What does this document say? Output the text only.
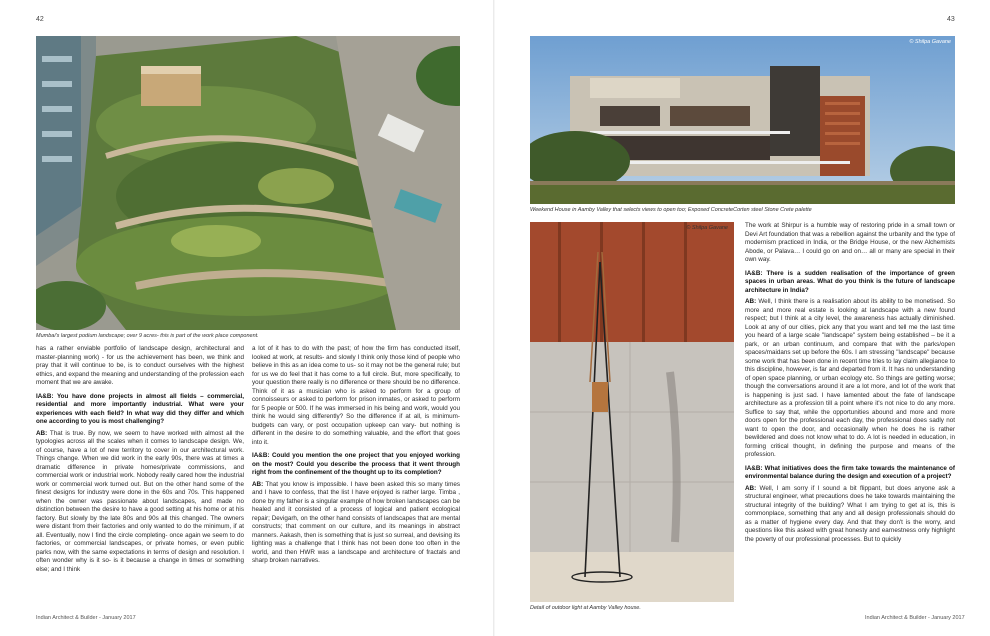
42
Mumbai's largest podium landscape; over 9 acres- this is part of the work place component.

has a rather enviable portfolio of landscape design, architectural and master-planning work) - for us the achievement has been, we think and pray that it will continue to be, is to conduct ourselves with the highest ethics, and expand the meaning and understanding of the profession each moment that we are awake.

IA&B: You have done projects in almost all fields – commercial, residential and more importantly industrial. What were your experiences with each field? In what way did they differ and which one according to you is most challenging?

AB: That is true. By now, we seem to have worked with almost all the typologies across all the scales when it comes to landscape design. We, of course, have a lot of new territory to cover in our architectural work. Things change. When we did work in the early 90s, there was at times a dramatic difference in private homes/private commissions, and commercial work or industrial work. Nobody really cared how the industrial work or commercial work turned out. But on the other hand some of the finest designs for industry were done in the 60s and 70s. This happened when the owner was passionate about landscapes, and made no distinction between the desire to have a good setting at his home or at his factory. But slowly by the late 80s and 90s all this changed. The owners were distant from their factories and only wanted to do the minimum, if at all. Eventually, now I find the circle completing- once again we seem to do factories, or commercial landscapes, or private homes, or even public parks now, with the same expectations in terms of design and resolution. I often wonder why is it so- is it because a change in times or something else; and I think

a lot of it has to do with the past; of how the firm has conducted itself, looked at work, at results- and slowly I think only those kind of people who believe in this as an idea come to us- so it may not be the general rule; but for us we do feel that it has come to a full circle. But, more specifically, to your question there really is no difference or there should be no difference. Think of it as a musician who is asked to perform for a group of connoisseurs or asked to perform for prison inmates, or asked to perform for 5 people or 500. If he was immersed in his being and work, would you think he would sing differently? So the difference if at all, is minimum- budgets can vary, or post occupation upkeep can vary- but nothing is different in the desire to do something valuable, and the effort that goes into it.

IA&B: Could you mention the one project that you enjoyed working on the most? Could you describe the process that it went through right from the confinement of the thought up to its completion?

AB: That you know is impossible. I have been asked this so many times and I have to confess, that the list I have enjoyed is rather large. Timba , done by my father is a singular example of how broken landscapes can be healed and it consisted of a process of logical and patient ecological repair; Devigarh, on the other hand consists of landscapes that are mental constructs; that comment on our culture, and its meanings in abstract manners. Aakash, then is something that is just so surreal, and devising its lighting was a challenge that I think has not been done too often in the world, and then HWR was a landscape and architecture of fractals and sharp broken narratives.

Indian Architect & Builder - January 2017
43
© Shilpa Gavane
Weekend House in Aamby Valley that selects views to open too; Exposed ConcreteCorten steel Stone Crete palette
© Shilpa Gavane
Detail of outdoor light at Aamby Valley house.

The work at Shirpur is a humble way of restoring pride in a small town or Devi Art foundation that was a rebellion against the urbanity and the type of modernism practiced in India, or the Bridge House, or the new Alchemists Abode, or Palava… I could go on and on… all or many are special in their own way.

IA&B: There is a sudden realisation of the importance of green spaces in urban areas. What do you think is the future of landscape architecture in India?

AB: Well, I think there is a realisation about its ability to be monetised. So more and more real estate is looking at landscape with a new found respect; but I think at a city level, the awareness has actually diminished. Look at any of our cities, pick any that you want and tell me the last time you heard of a large scale "landscape" system being established – be it a park, or an urban continuum, and compare that with the parks/open spaces/maidans set up before the 60s. I am stressing "landscape" because some work that has been done in recent time tries to lay claim allegiance to this discipline, however, is far and departed from it. It has no understanding of open space planning, or urban ecology etc. So things are getting worse; though the conversations around it are a lot more, and lot of the work that is happening is just sad. I have lamented about the fate of landscape architecture as a profession till a point where it's not nice to do any more. Suffice to say that, while the opportunities abound and more and more doors open for the professional each day, the professional does sadly not want to open the door, and occasionally when he does he is rather bewildered and does not know what to do. A lot is needed in education, in forming critical thought, in defining the purpose and means of the profession.

IA&B: What initiatives does the firm take towards the maintenance of environmental balance during the design and execution of a project?

AB: Well, I am sorry if I sound a bit flippant, but does anyone ask a structural engineer, what precautions does he take towards maintaining the structural integrity of the building? What I am trying to get at is, this is commonplace, something that any and all design professionals should do as a matter of hygiene every day. And that they don't is the worry, and questions like this asked with great honesty and earnestness only highlight the poverty of our professional processes. But to quickly

Indian Architect & Builder - January 2017
